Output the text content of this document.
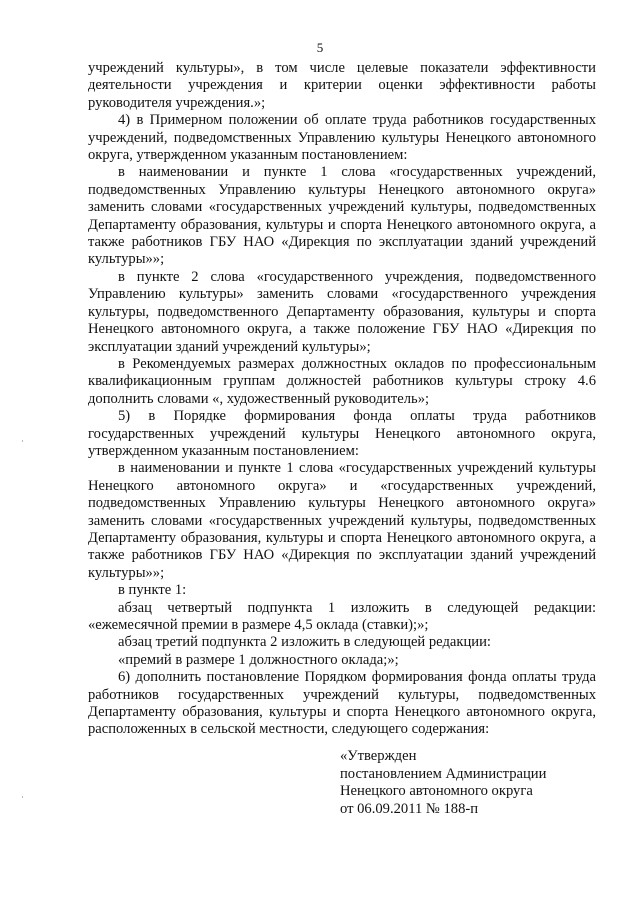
5

учреждений культуры», в том числе целевые показатели эффективности деятельности учреждения и критерии оценки эффективности работы руководителя учреждения.»;

4) в Примерном положении об оплате труда работников государственных учреждений, подведомственных Управлению культуры Ненецкого автономного округа, утвержденном указанным постановлением:

в наименовании и пункте 1 слова «государственных учреждений, подведомственных Управлению культуры Ненецкого автономного округа» заменить словами «государственных учреждений культуры, подведомственных Департаменту образования, культуры и спорта Ненецкого автономного округа, а также работников ГБУ НАО «Дирекция по эксплуатации зданий учреждений культуры»»;

в пункте 2 слова «государственного учреждения, подведомственного Управлению культуры» заменить словами «государственного учреждения культуры, подведомственного Департаменту образования, культуры и спорта Ненецкого автономного округа, а также положение ГБУ НАО «Дирекция по эксплуатации зданий учреждений культуры»;

в Рекомендуемых размерах должностных окладов по профессиональным квалификационным группам должностей работников культуры строку 4.6 дополнить словами «, художественный руководитель»;

5) в Порядке формирования фонда оплаты труда работников государственных учреждений культуры Ненецкого автономного округа, утвержденном указанным постановлением:

в наименовании и пункте 1 слова «государственных учреждений культуры Ненецкого автономного округа» и «государственных учреждений, подведомственных Управлению культуры Ненецкого автономного округа» заменить словами «государственных учреждений культуры, подведомственных Департаменту образования, культуры и спорта Ненецкого автономного округа, а также работников ГБУ НАО «Дирекция по эксплуатации зданий учреждений культуры»»;

в пункте 1:

абзац четвертый подпункта 1 изложить в следующей редакции: «ежемесячной премии в размере 4,5 оклада (ставки);»;

абзац третий подпункта 2 изложить в следующей редакции:

«премий в размере 1 должностного оклада;»;

6) дополнить постановление Порядком формирования фонда оплаты труда работников государственных учреждений культуры, подведомственных Департаменту образования, культуры и спорта Ненецкого автономного округа, расположенных в сельской местности, следующего содержания:

«Утвержден
постановлением Администрации
Ненецкого автономного округа
от 06.09.2011 № 188-п
